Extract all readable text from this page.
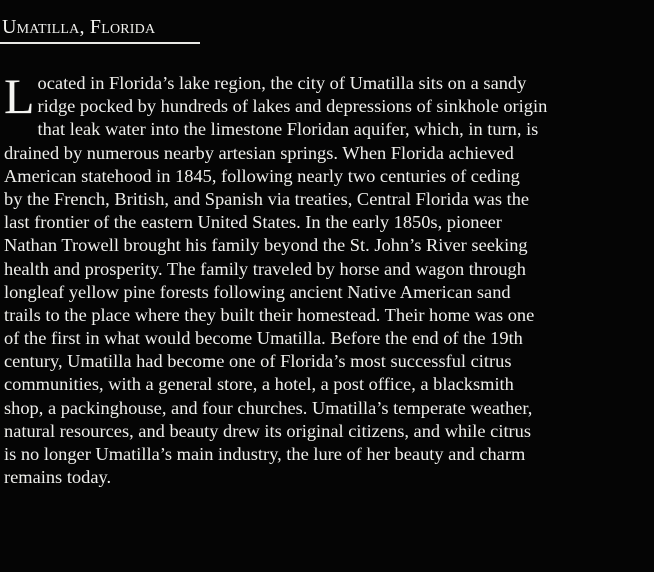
Umatilla, Florida
L ocated in Florida’s lake region, the city of Umatilla sits on a sandy
ridge pocked by hundreds of lakes and depressions of sinkhole origin
that leak water into the limestone Floridan aquifer, which, in turn, is
drained by numerous nearby artesian springs. When Florida achieved
American statehood in 1845, following nearly two centuries of ceding
by the French, British, and Spanish via treaties, Central Florida was the
last frontier of the eastern United States. In the early 1850s, pioneer
Nathan Trowell brought his family beyond the St. John’s River seeking
health and prosperity. The family traveled by horse and wagon through
longleaf yellow pine forests following ancient Native American sand
trails to the place where they built their homestead. Their home was one
of the first in what would become Umatilla. Before the end of the 19th
century, Umatilla had become one of Florida’s most successful citrus
communities, with a general store, a hotel, a post office, a blacksmith
shop, a packinghouse, and four churches. Umatilla’s temperate weather,
natural resources, and beauty drew its original citizens, and while citrus
is no longer Umatilla’s main industry, the lure of her beauty and charm
remains today.
